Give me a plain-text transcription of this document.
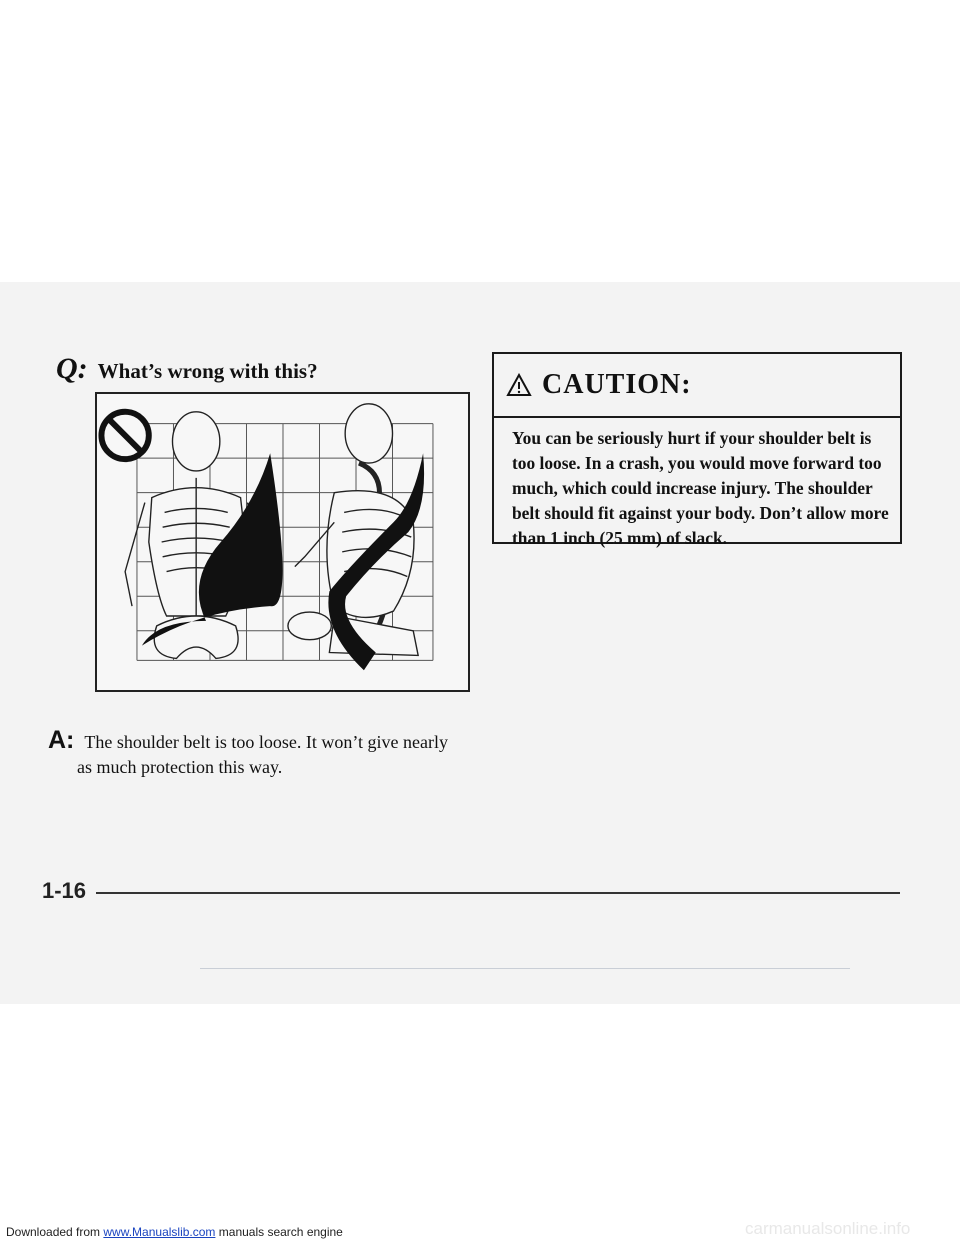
Q: What’s wrong with this?
A: The shoulder belt is too loose. It won’t give nearly
as much protection this way.
CAUTION:
You can be seriously hurt if your shoulder belt is too loose. In a crash, you would move forward too much, which could increase injury. The shoulder belt should fit against your body. Don’t allow more than 1 inch (25 mm) of slack.
1-16
Downloaded from www.Manualslib.com manuals search engine	carmanualsonline.info
